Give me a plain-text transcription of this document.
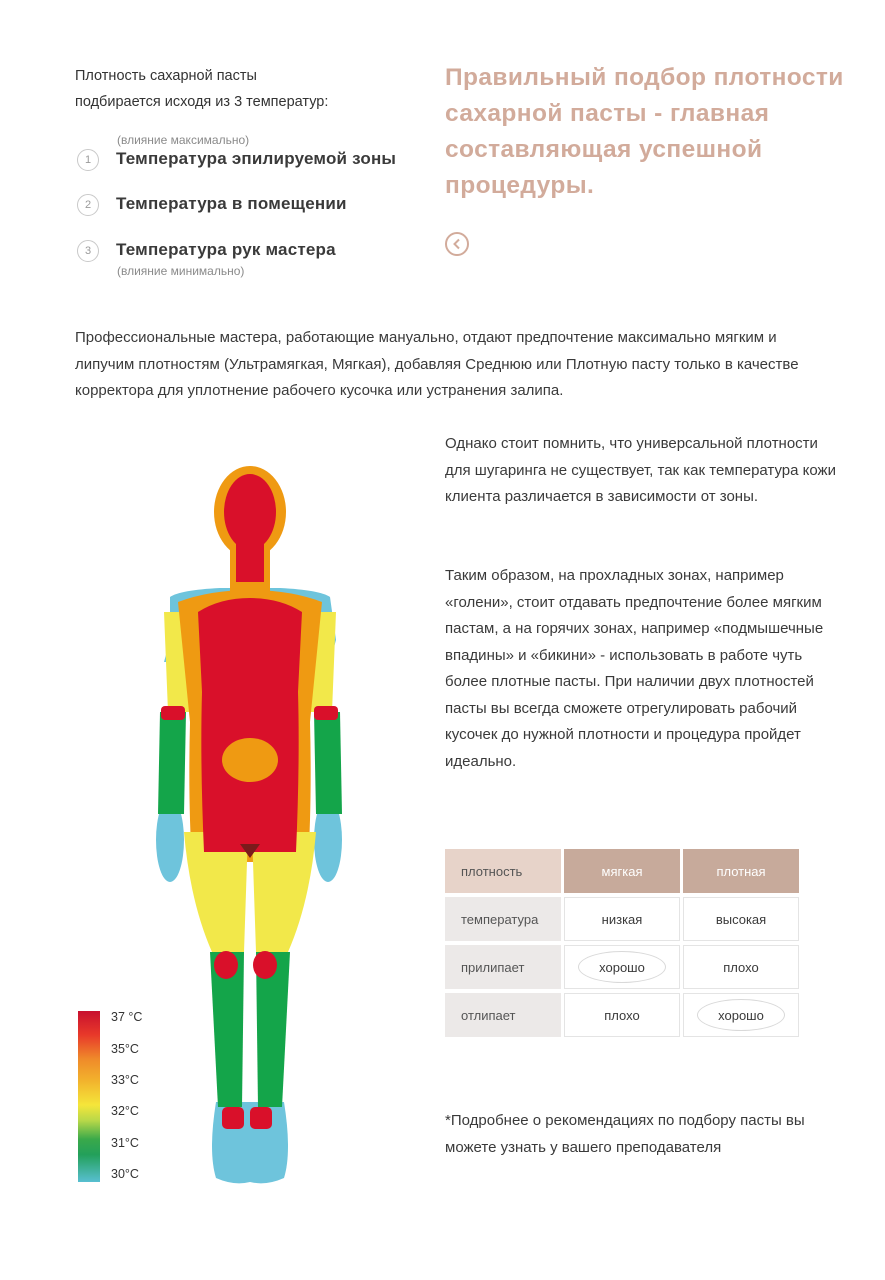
Плотность сахарной пасты
подбирается исходя из 3 температур:
(влияние максимально)
1	Температура эпилируемой зоны
2	Температура в помещении
3	Температура рук мастера
(влияние минимально)
Правильный подбор плотности сахарной пасты - главная составляющая успешной процедуры.
Профессиональные мастера, работающие мануально, отдают предпочтение максимально мягким и липучим плотностям (Ультрамягкая, Мягкая), добавляя Среднюю или Плотную пасту только в качестве корректора для уплотнение рабочего кусочка или устранения залипа.
Однако стоит помнить, что универсальной плотности для шугаринга не существует, так как температура кожи клиента различается в зависимости от зоны.
Таким образом, на прохладных зонах, например «голени», стоит отдавать предпочтение более мягким пастам, а на горячих зонах, например «подмышечные впадины» и «бикини» - использовать в работе чуть более плотные пасты. При наличии двух плотностей пасты вы всегда сможете отрегулировать рабочий кусочек до нужной плотности и процедура пройдет идеально.
37 °C
35°C
33°C
32°C
31°C
30°C
плотность	мягкая	плотная
температура	низкая	высокая
прилипает	хорошо	плохо
отлипает	плохо	хорошо
*Подробнее о рекомендациях по подбору пасты вы можете узнать у вашего преподавателя
